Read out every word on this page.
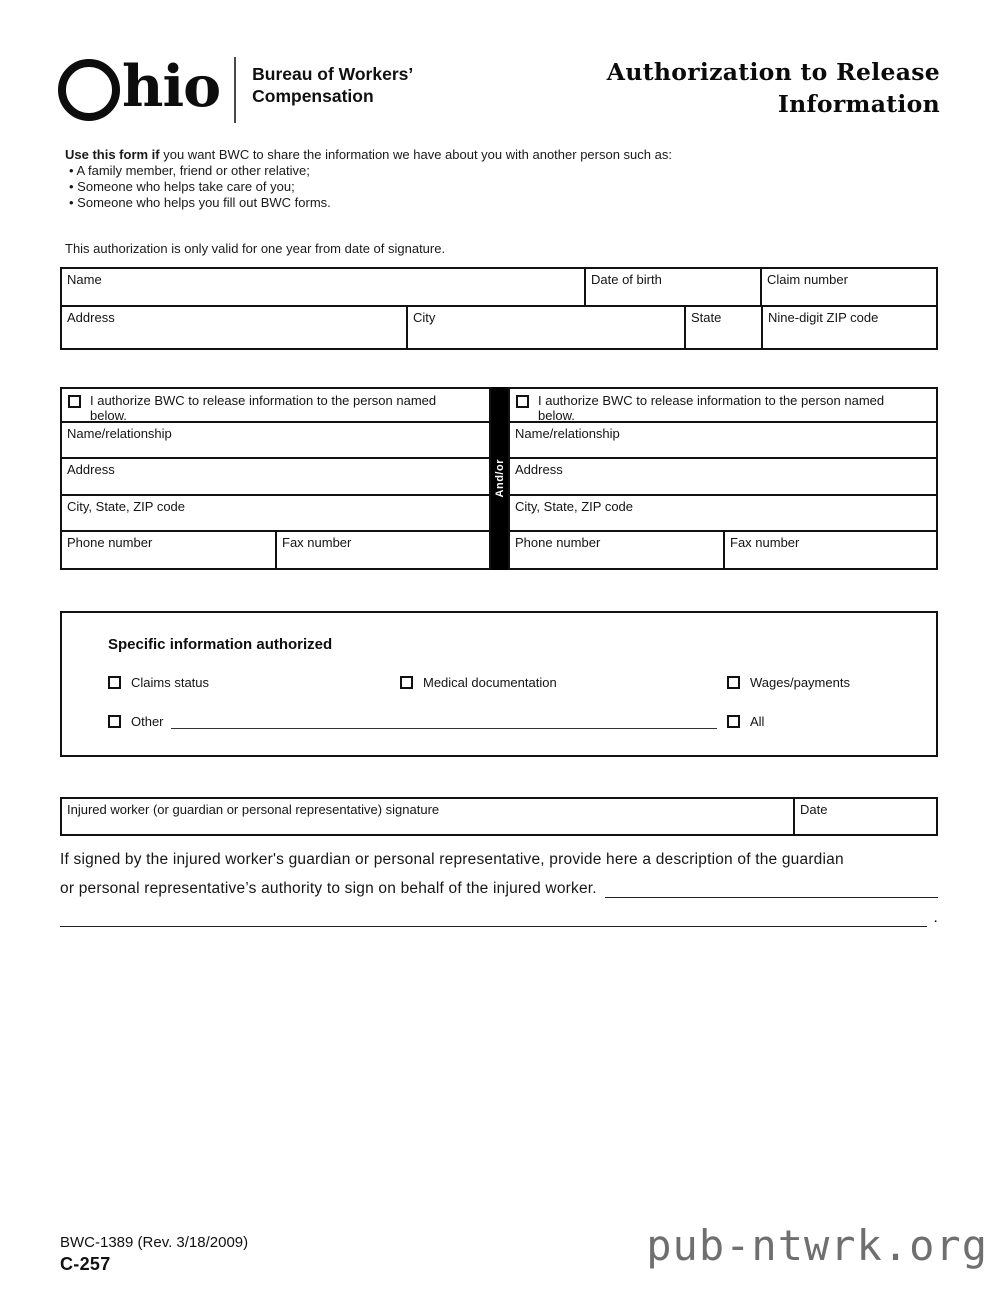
hio Bureau of Workers’
Compensation
Authorization to Release
Information
Use this form if you want BWC to share the information we have about you with another person such as:
• A family member, friend or other relative;
• Someone who helps take care of you;
• Someone who helps you fill out BWC forms.
This authorization is only valid for one year from date of signature.
Name	Date of birth	Claim number
Address	City	State	Nine-digit ZIP code
I authorize BWC to release information to the person named below.
Name/relationship
Address
City, State, ZIP code
Phone number	Fax number
And/or
I authorize BWC to release information to the person named below.
Name/relationship
Address
City, State, ZIP code
Phone number	Fax number
Specific information authorized
Claims status	Medical documentation	Wages/payments
Other	All
Injured worker (or guardian or personal representative) signature	Date
If signed by the injured worker's guardian or personal representative, provide here a description of the guardian
or personal representative’s authority to sign on behalf of the injured worker.
.
BWC-1389 (Rev. 3/18/2009)
C-257	pub-ntwrk.org
